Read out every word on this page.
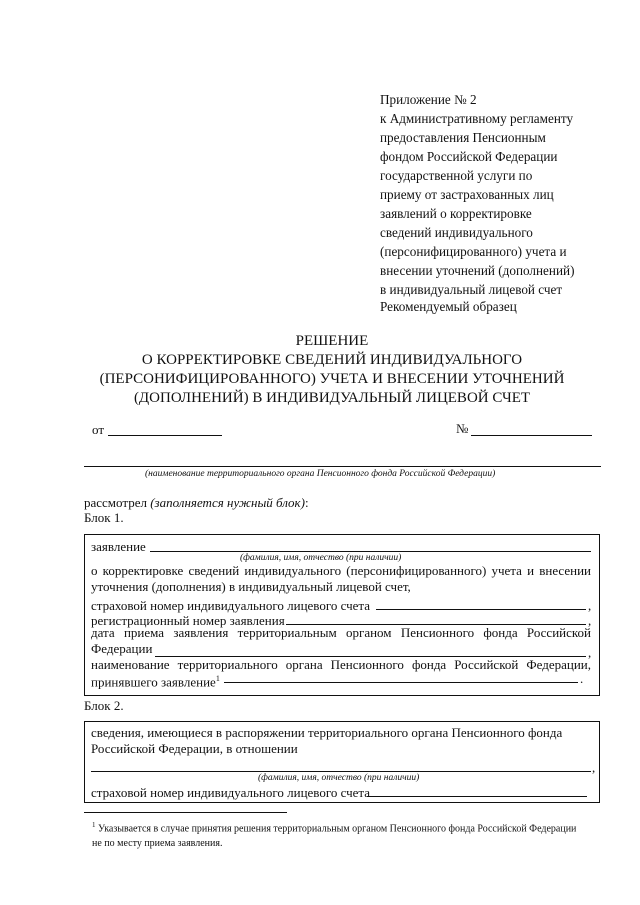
Приложение № 2
к Административному регламенту
предоставления Пенсионным
фондом Российской Федерации
государственной услуги по
приему от застрахованных лиц
заявлений о корректировке
сведений индивидуального
(персонифицированного) учета и
внесении уточнений (дополнений)
в индивидуальный лицевой счет
Рекомендуемый образец
РЕШЕНИЕ
О КОРРЕКТИРОВКЕ СВЕДЕНИЙ ИНДИВИДУАЛЬНОГО
(ПЕРСОНИФИЦИРОВАННОГО) УЧЕТА И ВНЕСЕНИИ УТОЧНЕНИЙ
(ДОПОЛНЕНИЙ) В ИНДИВИДУАЛЬНЫЙ ЛИЦЕВОЙ СЧЕТ
от	№
(наименование территориального органа Пенсионного фонда Российской Федерации)
рассмотрел (заполняется нужный блок):
Блок 1.
заявление
(фамилия, имя, отчество (при наличии)
о корректировке сведений индивидуального (персонифицированного) учета и внесении уточнения (дополнения) в индивидуальный лицевой счет,
страховой номер индивидуального лицевого счета	,
регистрационный номер заявления	,
дата приема заявления территориальным органом Пенсионного фонда Российской Федерации	,
наименование территориального органа Пенсионного фонда Российской Федерации,
принявшего заявление$^1$	.
Блок 2.
сведения, имеющиеся в распоряжении территориального органа Пенсионного фонда Российской Федерации, в отношении
,
(фамилия, имя, отчество (при наличии)
страховой номер индивидуального лицевого счета
$^1$ Указывается в случае принятия решения территориальным органом Пенсионного фонда Российской Федерации не по месту приема заявления.
